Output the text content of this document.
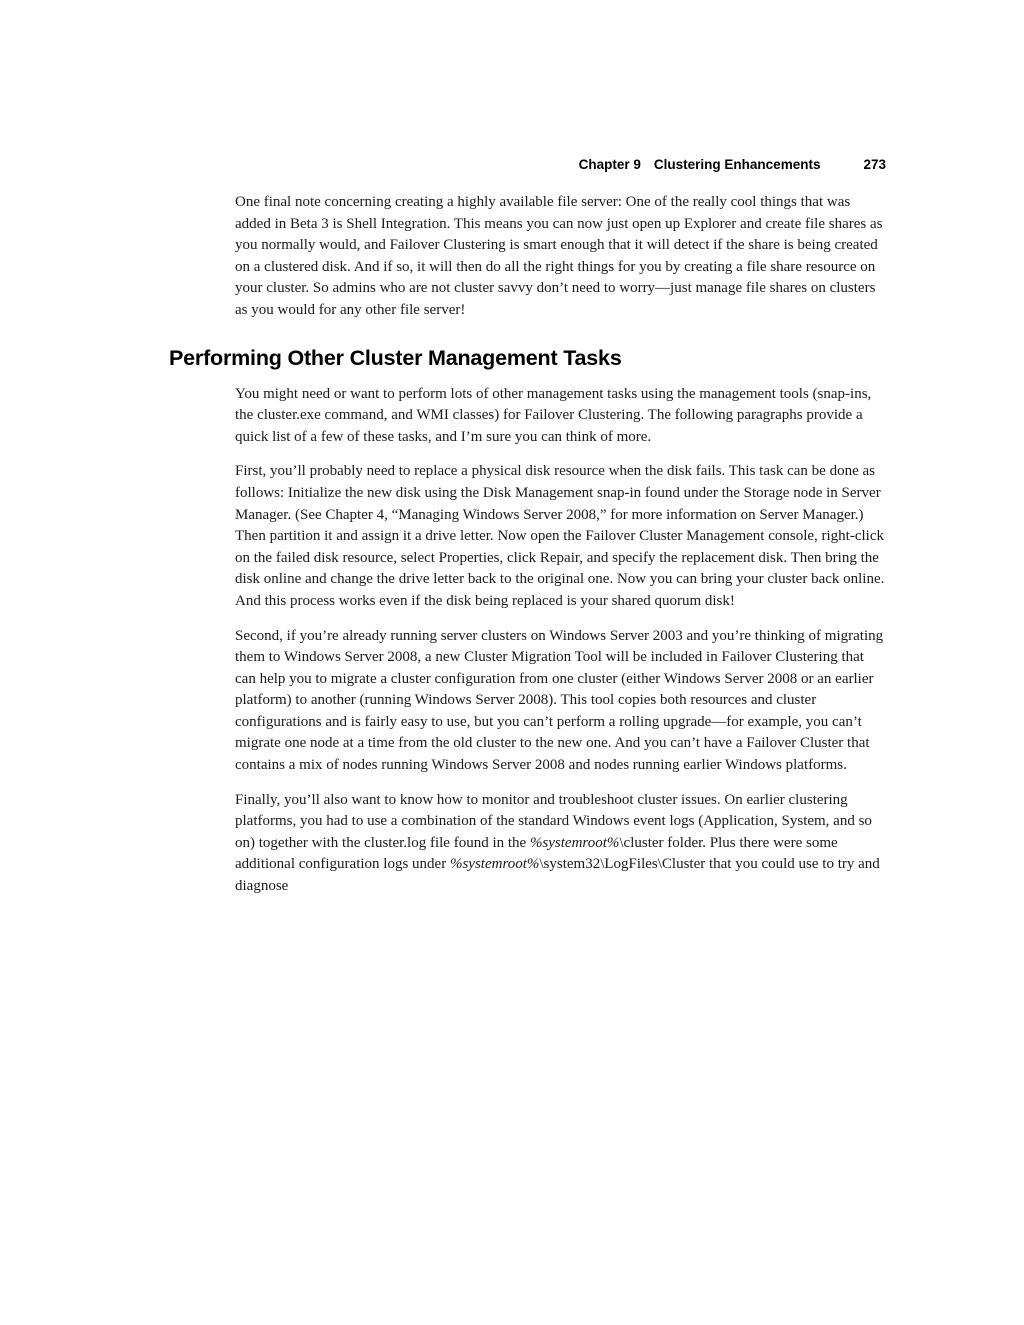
Chapter 9 Clustering Enhancements	273

One final note concerning creating a highly available file server: One of the really cool things that was added in Beta 3 is Shell Integration. This means you can now just open up Explorer and create file shares as you normally would, and Failover Clustering is smart enough that it will detect if the share is being created on a clustered disk. And if so, it will then do all the right things for you by creating a file share resource on your cluster. So admins who are not cluster savvy don’t need to worry—just manage file shares on clusters as you would for any other file server!

Performing Other Cluster Management Tasks

You might need or want to perform lots of other management tasks using the management tools (snap-ins, the cluster.exe command, and WMI classes) for Failover Clustering. The following paragraphs provide a quick list of a few of these tasks, and I’m sure you can think of more.

First, you’ll probably need to replace a physical disk resource when the disk fails. This task can be done as follows: Initialize the new disk using the Disk Management snap-in found under the Storage node in Server Manager. (See Chapter 4, “Managing Windows Server 2008,” for more information on Server Manager.) Then partition it and assign it a drive letter. Now open the Failover Cluster Management console, right-click on the failed disk resource, select Properties, click Repair, and specify the replacement disk. Then bring the disk online and change the drive letter back to the original one. Now you can bring your cluster back online. And this process works even if the disk being replaced is your shared quorum disk!

Second, if you’re already running server clusters on Windows Server 2003 and you’re thinking of migrating them to Windows Server 2008, a new Cluster Migration Tool will be included in Failover Clustering that can help you to migrate a cluster configuration from one cluster (either Windows Server 2008 or an earlier platform) to another (running Windows Server 2008). This tool copies both resources and cluster configurations and is fairly easy to use, but you can’t perform a rolling upgrade—for example, you can’t migrate one node at a time from the old cluster to the new one. And you can’t have a Failover Cluster that contains a mix of nodes running Windows Server 2008 and nodes running earlier Windows platforms.

Finally, you’ll also want to know how to monitor and troubleshoot cluster issues. On earlier clustering platforms, you had to use a combination of the standard Windows event logs (Application, System, and so on) together with the cluster.log file found in the %systemroot%\cluster folder. Plus there were some additional configuration logs under %systemroot%\system32\LogFiles\Cluster that you could use to try and diagnose
